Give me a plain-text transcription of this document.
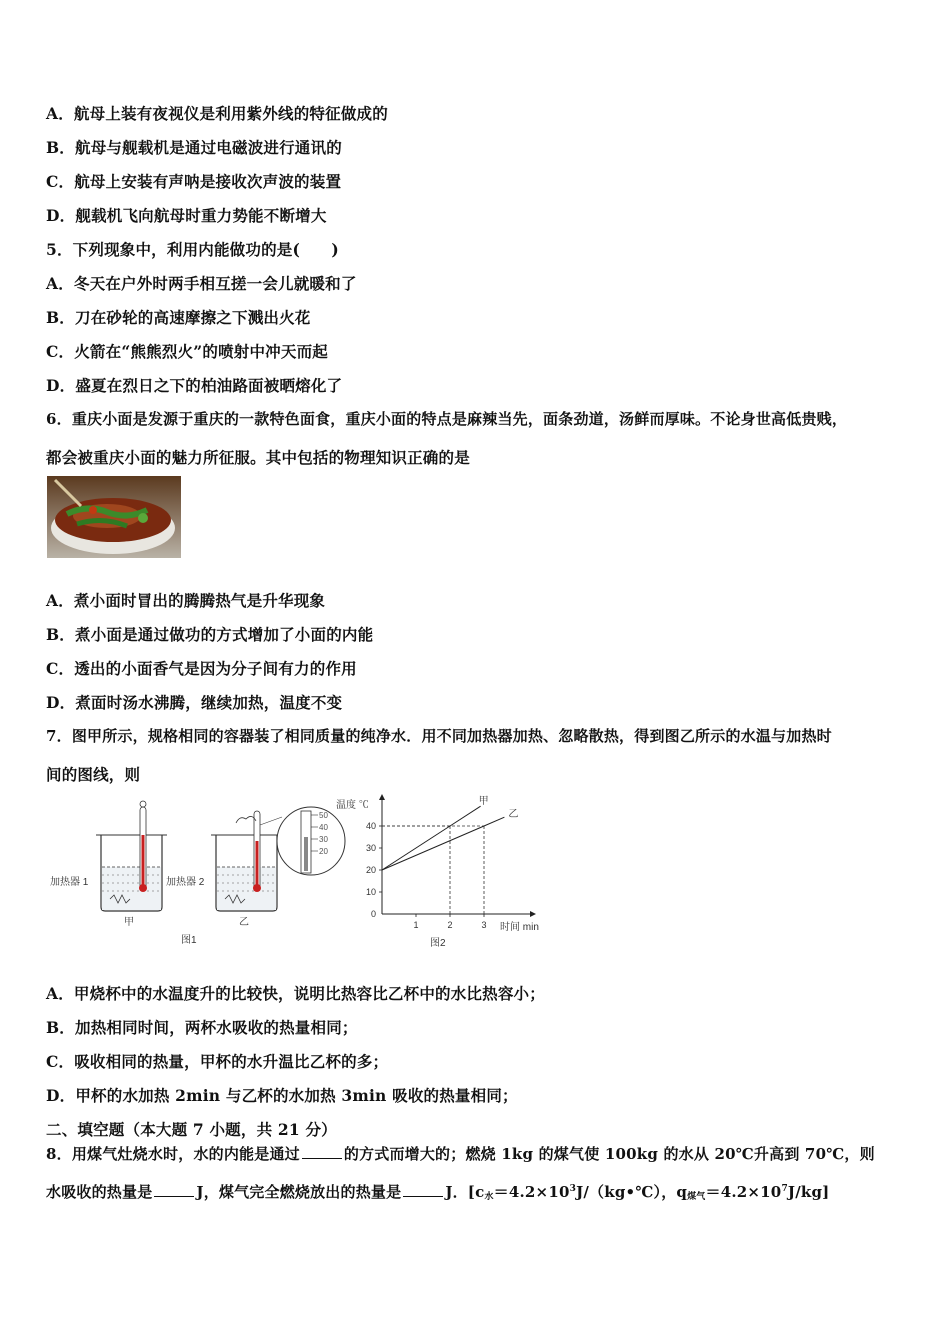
A．航母上装有夜视仪是利用紫外线的特征做成的
B．航母与舰载机是通过电磁波进行通讯的
C．航母上安装有声呐是接收次声波的装置
D．舰载机飞向航母时重力势能不断增大
5．下列现象中，利用内能做功的是(　　)
A．冬天在户外时两手相互搓一会儿就暖和了
B．刀在砂轮的高速摩擦之下溅出火花
C．火箭在“熊熊烈火”的喷射中冲天而起
D．盛夏在烈日之下的柏油路面被晒熔化了
6．重庆小面是发源于重庆的一款特色面食，重庆小面的特点是麻辣当先，面条劲道，汤鲜而厚味。不论身世高低贵贱，
都会被重庆小面的魅力所征服。其中包括的物理知识正确的是
A．煮小面时冒出的腾腾热气是升华现象
B．煮小面是通过做功的方式增加了小面的内能
C．透出的小面香气是因为分子间有力的作用
D．煮面时汤水沸腾，继续加热，温度不变
7．图甲所示，规格相同的容器装了相同质量的纯净水．用不同加热器加热、忽略散热，得到图乙所示的水温与加热时
间的图线，则
加热器 1
甲
50
40
30
20
加热器 2
乙
图1
温度 ℃
时间 min
图2
0
10
20
30
40
1	2	3
甲
乙
A．甲烧杯中的水温度升的比较快，说明比热容比乙杯中的水比热容小；
B．加热相同时间，两杯水吸收的热量相同；
C．吸收相同的热量，甲杯的水升温比乙杯的多；
D．甲杯的水加热 2min 与乙杯的水加热 3min 吸收的热量相同；
二、填空题（本大题 7 小题，共 21 分）
8．用煤气灶烧水时，水的内能是通过	的方式而增大的；燃烧 1kg 的煤气使 100kg 的水从 20℃升高到 70℃，则
水吸收的热量是	J，煤气完全燃烧放出的热量是	J．[c水$=4.2\times 10^3J/(kg•℃)$，q煤气$=4.2\times 10^7J/kg$]
